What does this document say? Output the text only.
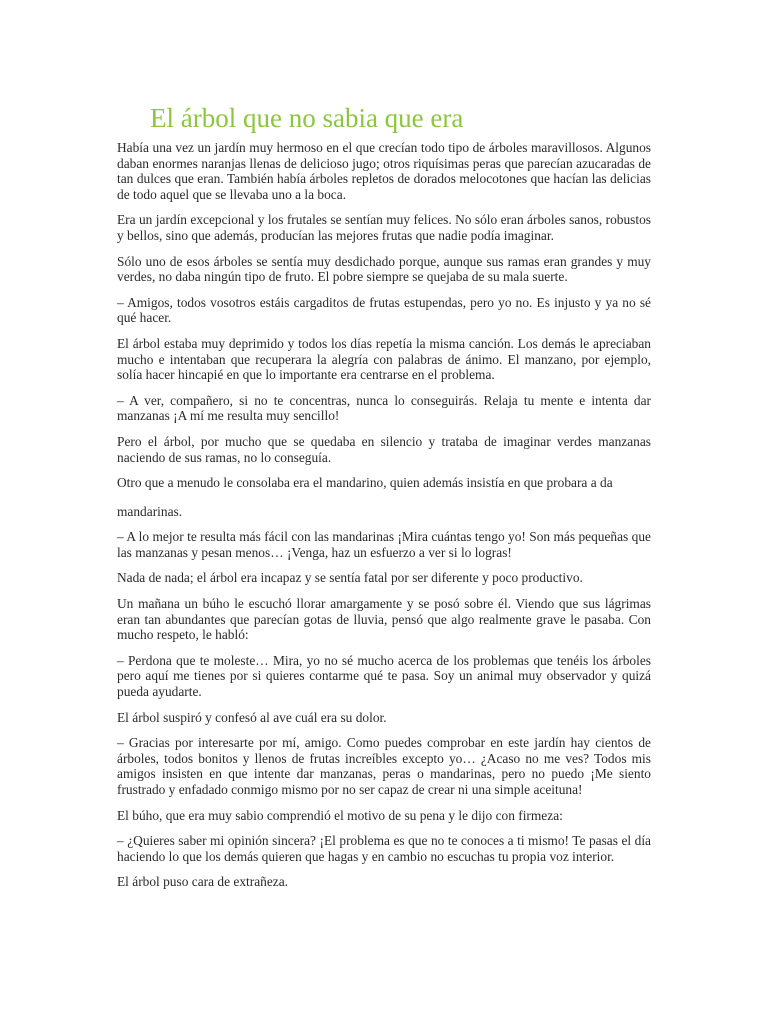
El árbol que no sabia que era

Había una vez un jardín muy hermoso en el que crecían todo tipo de árboles maravillosos. Algunos daban enormes naranjas llenas de delicioso jugo; otros riquísimas peras que parecían azucaradas de tan dulces que eran. También había árboles repletos de dorados melocotones que hacían las delicias de todo aquel que se llevaba uno a la boca.

Era un jardín excepcional y los frutales se sentían muy felices. No sólo eran árboles sanos, robustos y bellos, sino que además, producían las mejores frutas que nadie podía imaginar.

Sólo uno de esos árboles se sentía muy desdichado porque, aunque sus ramas eran grandes y muy verdes, no daba ningún tipo de fruto. El pobre siempre se quejaba de su mala suerte.

– Amigos, todos vosotros estáis cargaditos de frutas estupendas, pero yo no. Es injusto y ya no sé qué hacer.

El árbol estaba muy deprimido y todos los días repetía la misma canción. Los demás le apreciaban mucho e intentaban que recuperara la alegría con palabras de ánimo. El manzano, por ejemplo, solía hacer hincapié en que lo importante era centrarse en el problema.

– A ver, compañero, si no te concentras, nunca lo conseguirás. Relaja tu mente e intenta dar manzanas ¡A mí me resulta muy sencillo!

Pero el árbol, por mucho que se quedaba en silencio y trataba de imaginar verdes manzanas naciendo de sus ramas, no lo conseguía.

Otro que a menudo le consolaba era el mandarino, quien además insistía en que probara a da

mandarinas.

– A lo mejor te resulta más fácil con las mandarinas ¡Mira cuántas tengo yo! Son más pequeñas que las manzanas y pesan menos… ¡Venga, haz un esfuerzo a ver si lo logras!

Nada de nada; el árbol era incapaz y se sentía fatal por ser diferente y poco productivo.

Un mañana un búho le escuchó llorar amargamente y se posó sobre él. Viendo que sus lágrimas eran tan abundantes que parecían gotas de lluvia, pensó que algo realmente grave le pasaba. Con mucho respeto, le habló:

– Perdona que te moleste… Mira, yo no sé mucho acerca de los problemas que tenéis los árboles pero aquí me tienes por si quieres contarme qué te pasa. Soy un animal muy observador y quizá pueda ayudarte.

El árbol suspiró y confesó al ave cuál era su dolor.

– Gracias por interesarte por mí, amigo. Como puedes comprobar en este jardín hay cientos de árboles, todos bonitos y llenos de frutas increíbles excepto yo… ¿Acaso no me ves? Todos mis amigos insisten en que intente dar manzanas, peras o mandarinas, pero no puedo ¡Me siento frustrado y enfadado conmigo mismo por no ser capaz de crear ni una simple aceituna!

El búho, que era muy sabio comprendió el motivo de su pena y le dijo con firmeza:

– ¿Quieres saber mi opinión sincera? ¡El problema es que no te conoces a ti mismo! Te pasas el día haciendo lo que los demás quieren que hagas y en cambio no escuchas tu propia voz interior.

El árbol puso cara de extrañeza.
